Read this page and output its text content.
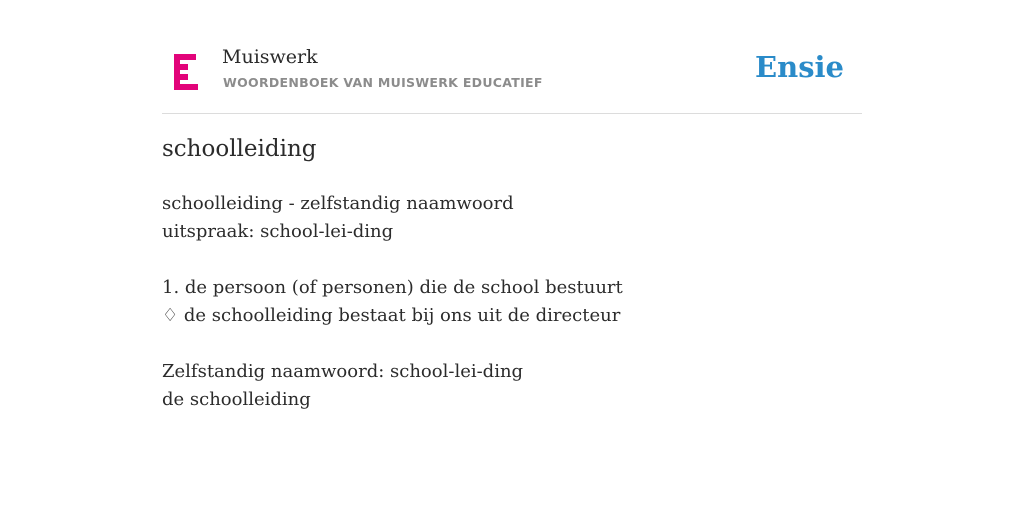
Muiswerk
WOORDENBOEK VAN MUISWERK EDUCATIEF	Ensie
schoolleiding
schoolleiding - zelfstandig naamwoord
uitspraak: school-lei-ding
1. de persoon (of personen) die de school bestuurt
♢ de schoolleiding bestaat bij ons uit de directeur
Zelfstandig naamwoord: school-lei-ding
de schoolleiding
